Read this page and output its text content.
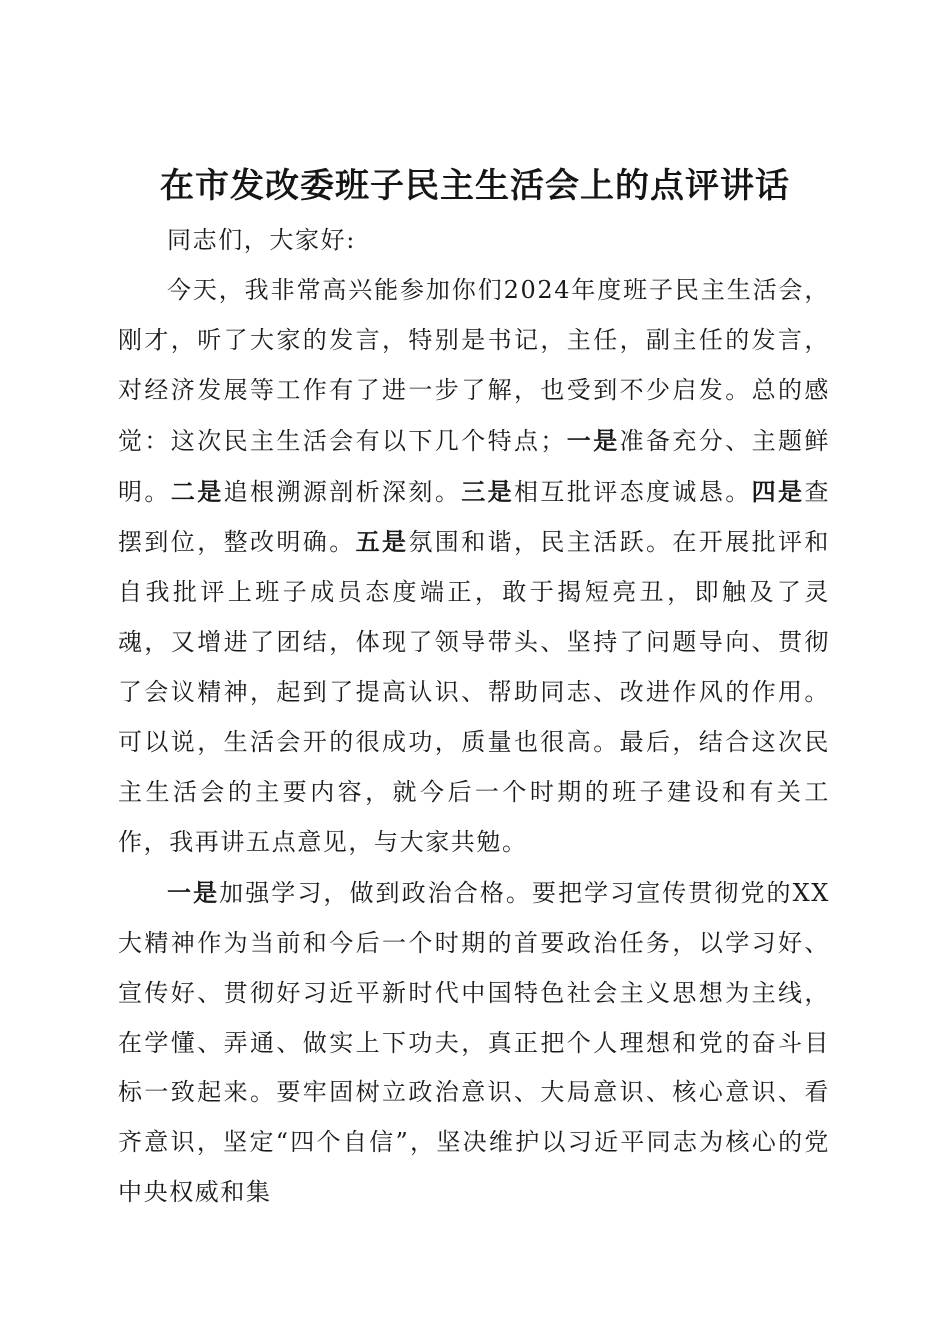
在市发改委班子民主生活会上的点评讲话

同志们，大家好:

今天，我非常高兴能参加你们2024年度班子民主生活会，刚才，听了大家的发言，特别是书记，主任，副主任的发言，对经济发展等工作有了进一步了解，也受到不少启发。总的感觉：这次民主生活会有以下几个特点；一是准备充分、主题鲜明。二是追根溯源剖析深刻。三是相互批评态度诚恳。四是查摆到位，整改明确。五是氛围和谐，民主活跃。在开展批评和自我批评上班子成员态度端正，敢于揭短亮丑，即触及了灵魂，又增进了团结，体现了领导带头、坚持了问题导向、贯彻了会议精神，起到了提高认识、帮助同志、改进作风的作用。可以说，生活会开的很成功，质量也很高。最后，结合这次民主生活会的主要内容，就今后一个时期的班子建设和有关工作，我再讲五点意见，与大家共勉。

一是加强学习，做到政治合格。要把学习宣传贯彻党的XX大精神作为当前和今后一个时期的首要政治任务，以学习好、宣传好、贯彻好习近平新时代中国特色社会主义思想为主线，在学懂、弄通、做实上下功夫，真正把个人理想和党的奋斗目标一致起来。要牢固树立政治意识、大局意识、核心意识、看齐意识，坚定“四个自信”，坚决维护以习近平同志为核心的党中央权威和集
